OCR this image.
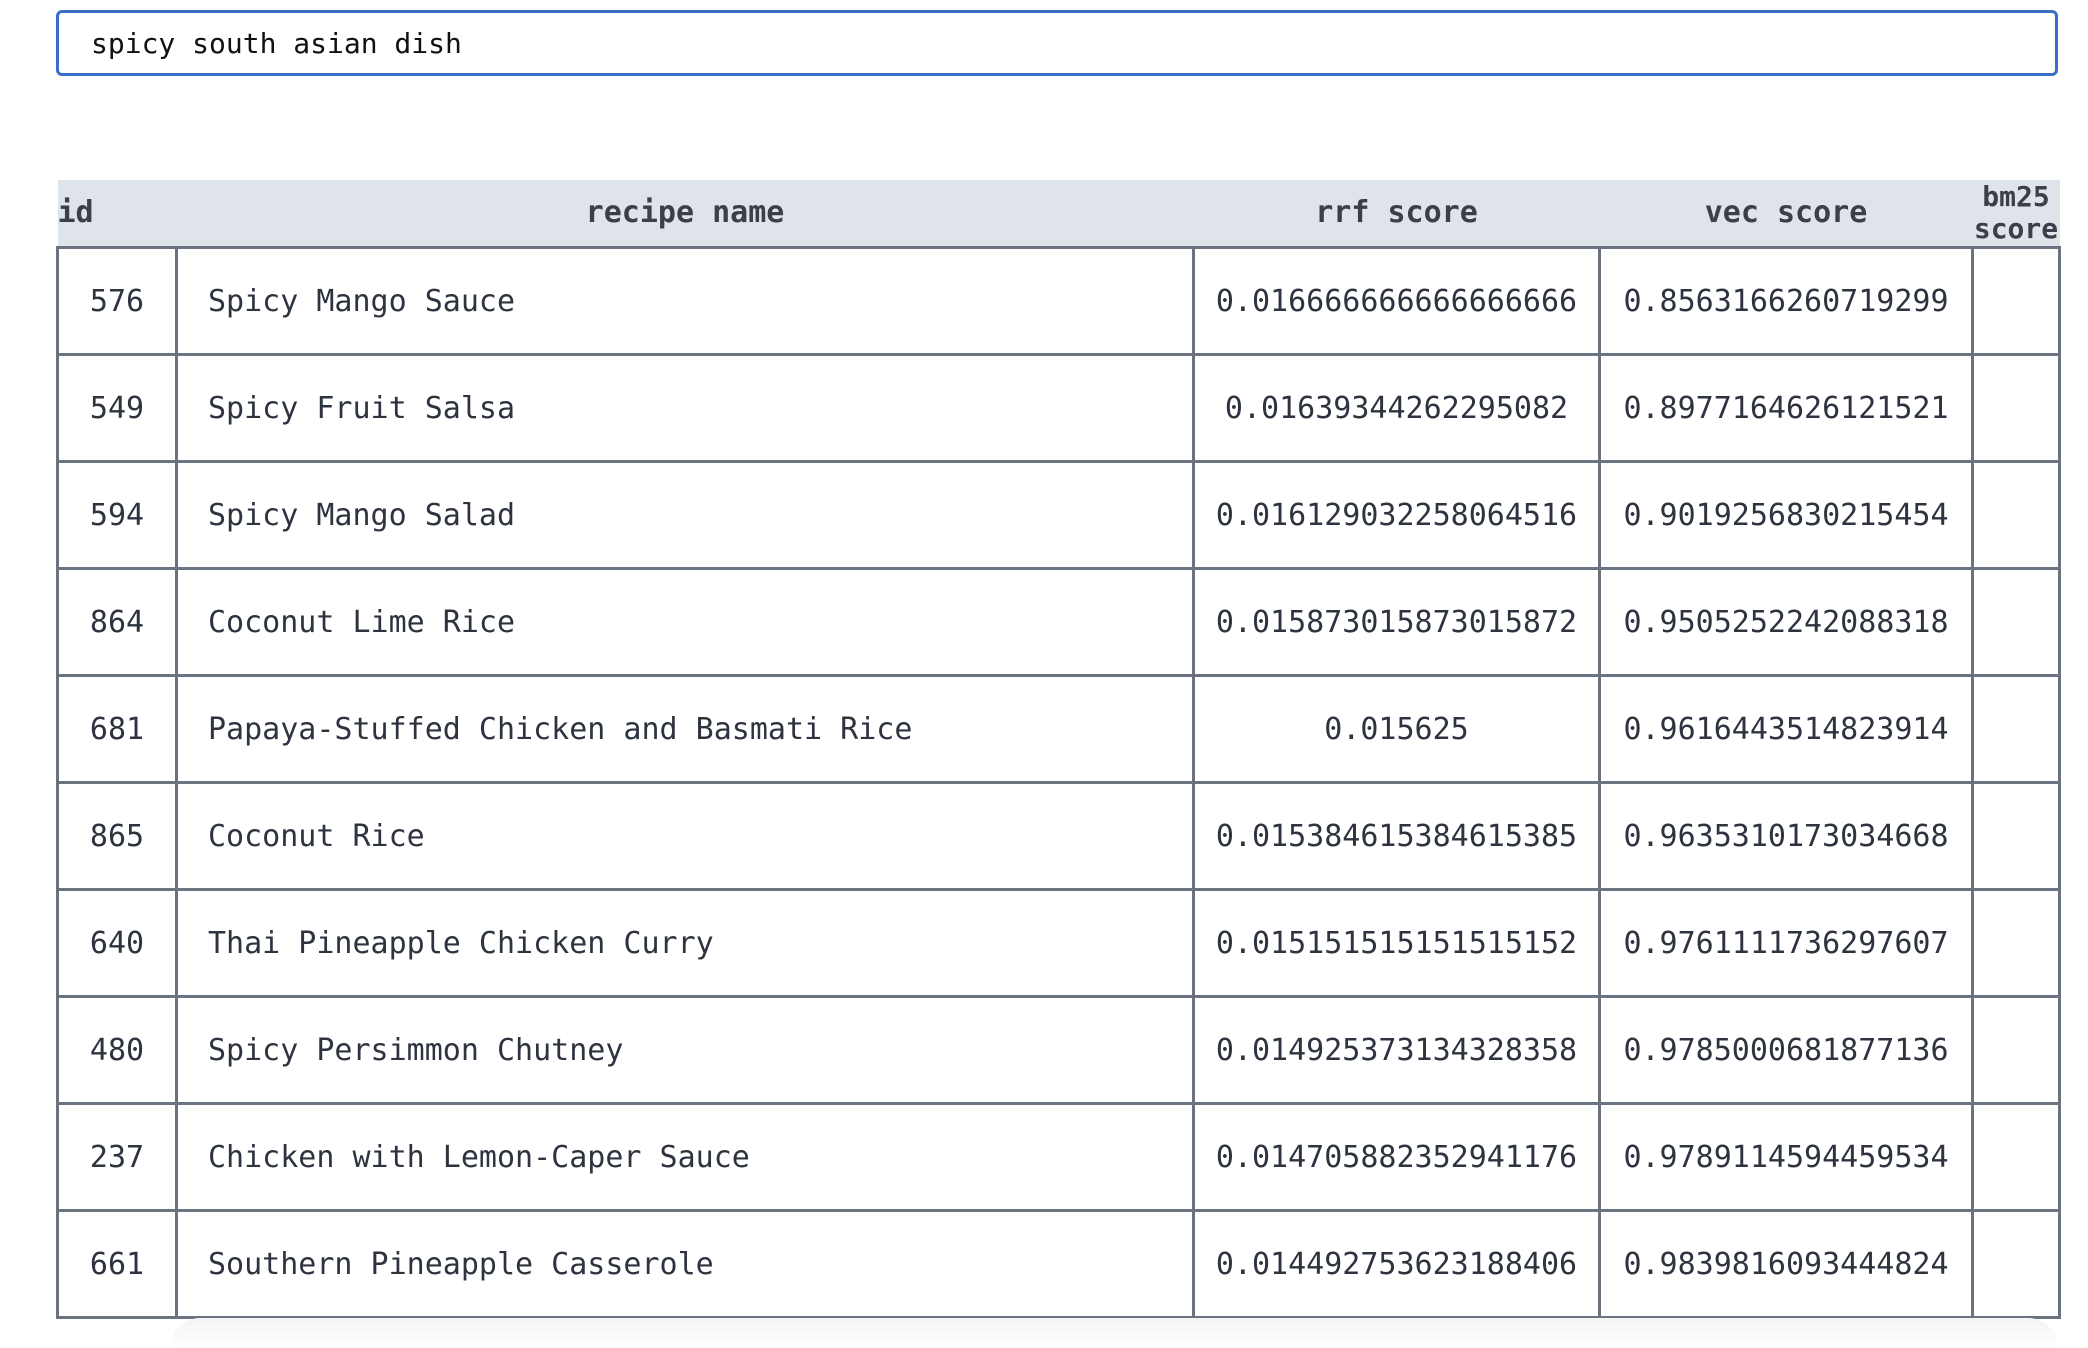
spicy south asian dish
id	recipe name	rrf score	vec score	bm25 score
576	Spicy Mango Sauce	0.016666666666666666	0.8563166260719299	
549	Spicy Fruit Salsa	0.01639344262295082	0.8977164626121521	
594	Spicy Mango Salad	0.016129032258064516	0.9019256830215454	
864	Coconut Lime Rice	0.015873015873015872	0.9505252242088318	
681	Papaya-Stuffed Chicken and Basmati Rice	0.015625	0.9616443514823914	
865	Coconut Rice	0.015384615384615385	0.9635310173034668	
640	Thai Pineapple Chicken Curry	0.015151515151515152	0.9761111736297607	
480	Spicy Persimmon Chutney	0.014925373134328358	0.9785000681877136	
237	Chicken with Lemon-Caper Sauce	0.014705882352941176	0.9789114594459534	
661	Southern Pineapple Casserole	0.014492753623188406	0.9839816093444824	
